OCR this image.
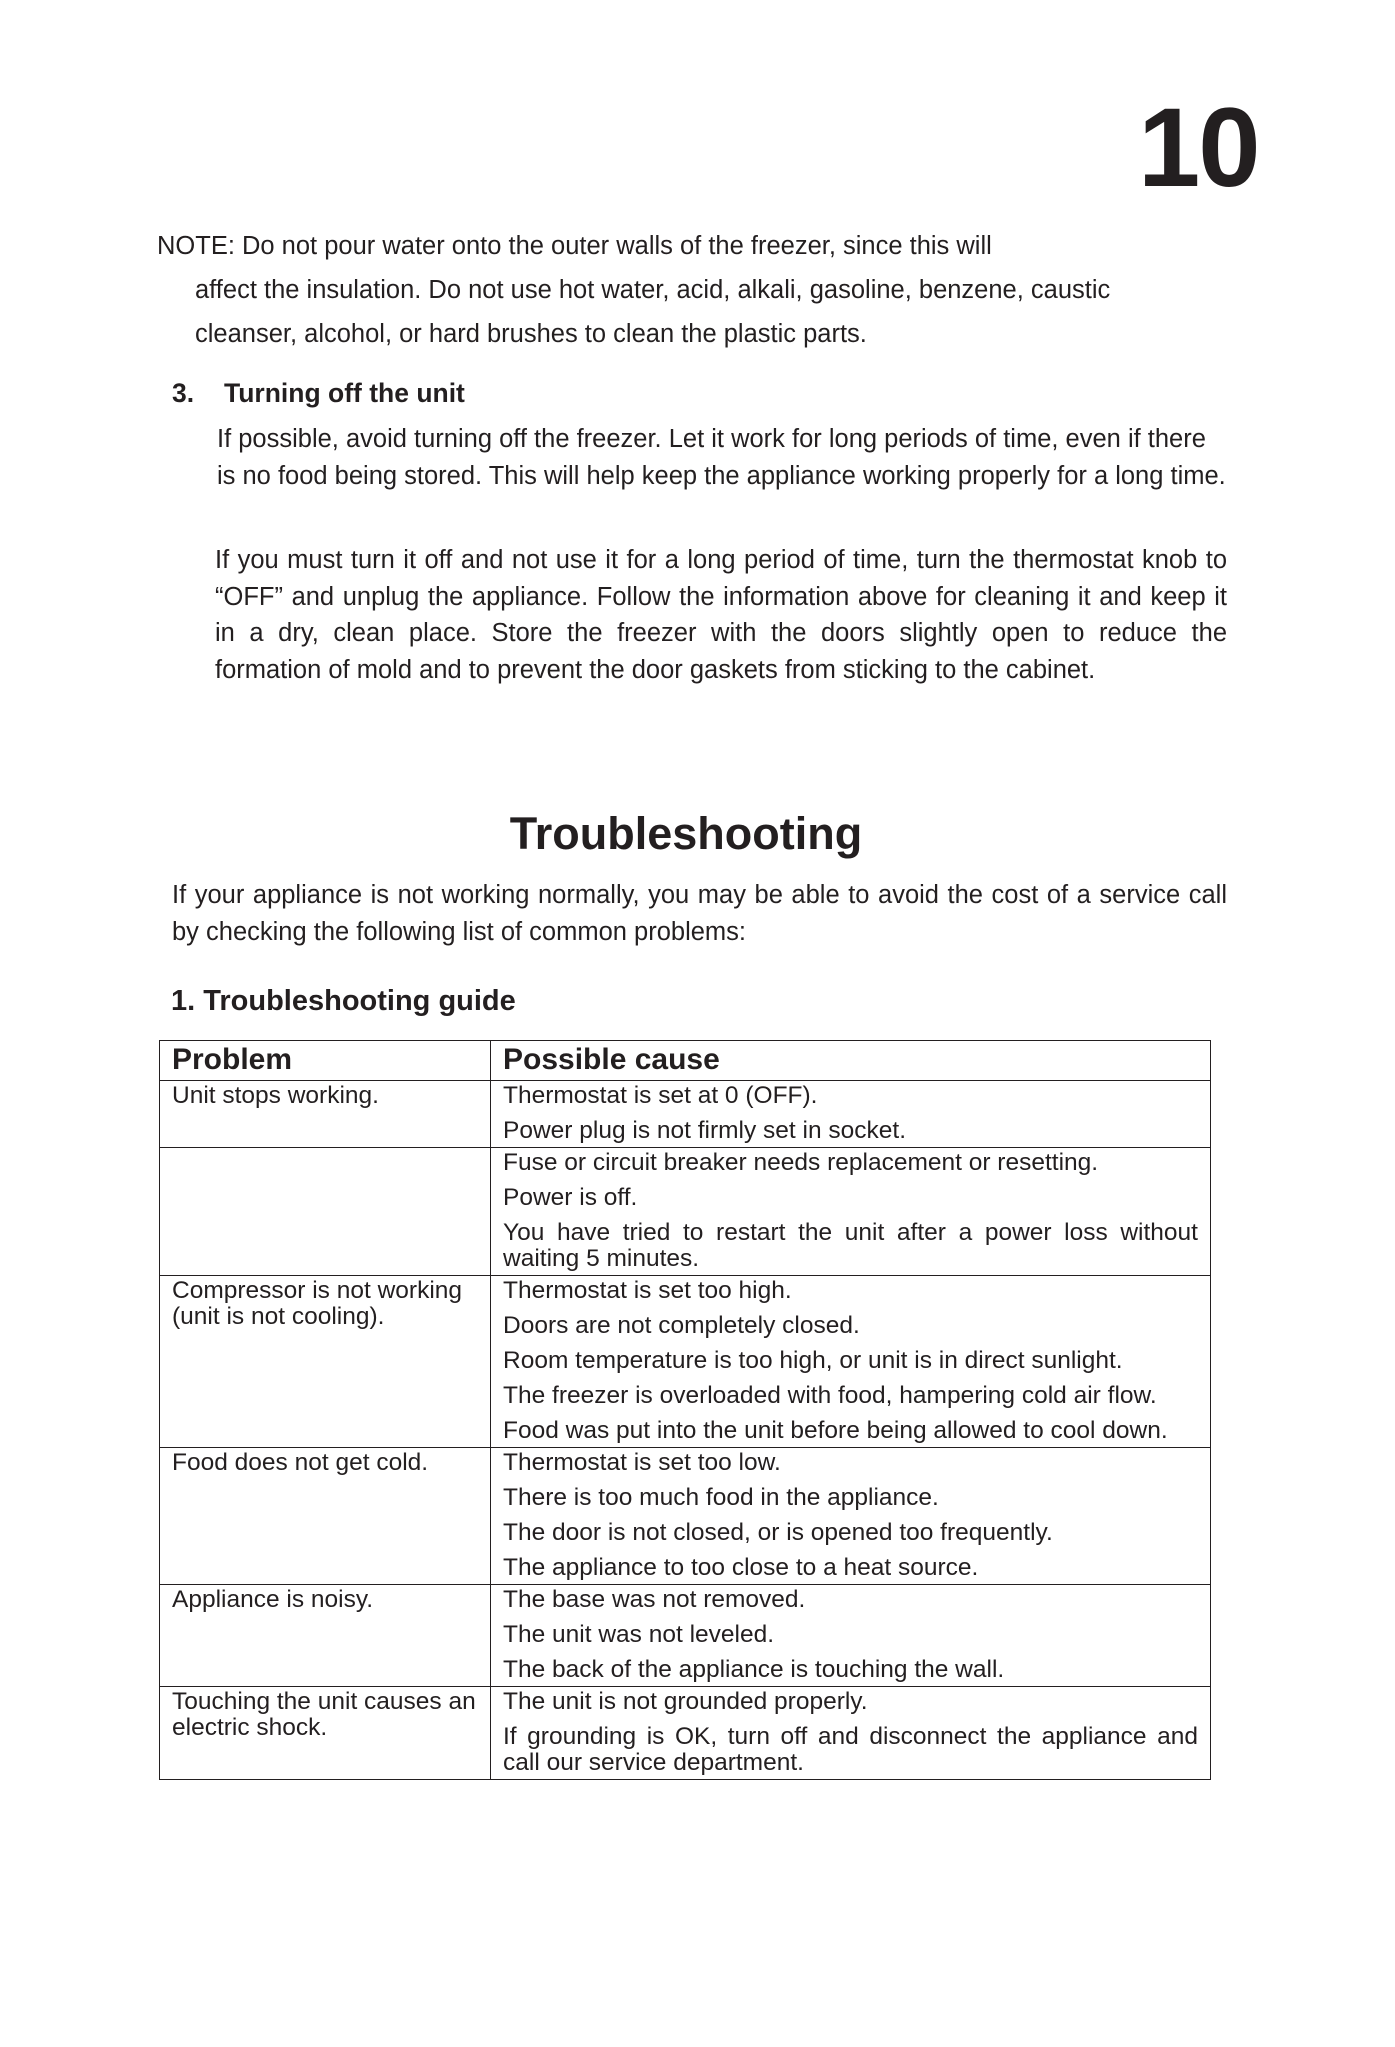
10
NOTE: Do not pour water onto the outer walls of the freezer, since this will
affect the insulation. Do not use hot water, acid, alkali, gasoline, benzene, caustic cleanser, alcohol, or hard brushes to clean the plastic parts.
3. Turning off the unit
If possible, avoid turning off the freezer. Let it work for long periods of time, even if there is no food being stored. This will help keep the appliance working properly for a long time.
If you must turn it off and not use it for a long period of time, turn the thermostat knob to “OFF” and unplug the appliance. Follow the information above for cleaning it and keep it in a dry, clean place. Store the freezer with the doors slightly open to reduce the formation of mold and to prevent the door gaskets from sticking to the cabinet.
Troubleshooting
If your appliance is not working normally, you may be able to avoid the cost of a service call by checking the following list of common problems:
1. Troubleshooting guide
Problem	Possible cause
Unit stops working.	Thermostat is set at 0 (OFF).
Power plug is not firmly set in socket.

	Fuse or circuit breaker needs replacement or resetting.
Power is off.
You have tried to restart the unit after a power loss without waiting 5 minutes.

Compressor is not working (unit is not cooling).	Thermostat is set too high.
Doors are not completely closed.
Room temperature is too high, or unit is in direct sunlight.
The freezer is overloaded with food, hampering cold air flow.
Food was put into the unit before being allowed to cool down.

Food does not get cold.	Thermostat is set too low.
There is too much food in the appliance.
The door is not closed, or is opened too frequently.
The appliance to too close to a heat source.

Appliance is noisy.	The base was not removed.
The unit was not leveled.
The back of the appliance is touching the wall.

Touching the unit causes an electric shock.	The unit is not grounded properly.
If grounding is OK, turn off and disconnect the appliance and call our service department.
